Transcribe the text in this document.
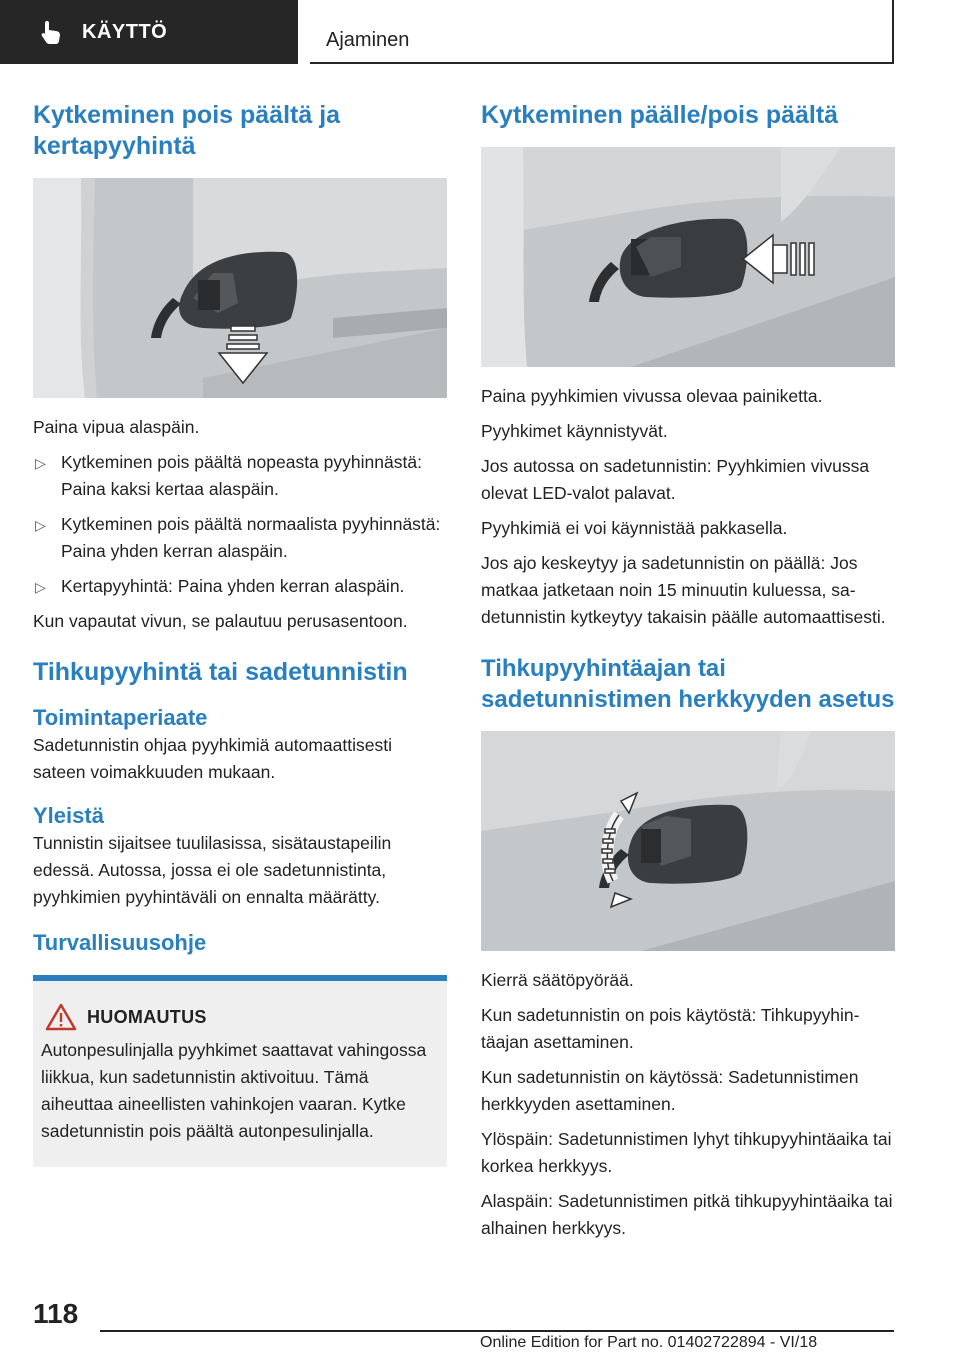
KÄYTTÖ	Ajaminen
Kytkeminen pois päältä ja kertapyyhintä

Paina vipua alaspäin.

▷ Kytkeminen pois päältä nopeasta pyyhinnästä: Paina kaksi kertaa alaspäin.
▷ Kytkeminen pois päältä normaalista pyyhinnästä: Paina yhden kerran alaspäin.
▷ Kertapyyhintä: Paina yhden kerran alaspäin.

Kun vapautat vivun, se palautuu perusasentoon.

Tihkupyyhintä tai sadetunnistin
Toimintaperiaate

Sadetunnistin ohjaa pyyhkimiä automaattisesti sateen voimakkuuden mukaan.

Yleistä

Tunnistin sijaitsee tuulilasissa, sisätaustapeilin edessä. Autossa, jossa ei ole sadetunnistinta, pyyhkimien pyyhintäväli on ennalta määrätty.

Turvallisuusohje
HUOMAUTUS

Autonpesulinjalla pyyhkimet saattavat vahingossa liikkua, kun sadetunnistin aktivoituu. Tämä aiheuttaa aineellisten vahinkojen vaaran. Kytke sadetunnistin pois päältä autonpesulinjalla.

Kytkeminen päälle/pois päältä

Paina pyyhkimien vivussa olevaa painiketta.

Pyyhkimet käynnistyvät.

Jos autossa on sadetunnistin: Pyyhkimien vivussa olevat LED-valot palavat.

Pyyhkimiä ei voi käynnistää pakkasella.

Jos ajo keskeytyy ja sadetunnistin on päällä: Jos matkaa jatketaan noin 15 minuutin kuluessa, sadetunnistin kytkeytyy takaisin päälle automaattisesti.

Tihkupyyhintäajan tai sadetunnistimen herkkyyden asetus

Kierrä säätöpyörää.

Kun sadetunnistin on pois käytöstä: Tihkupyyhintäajan asettaminen.

Kun sadetunnistin on käytössä: Sadetunnistimen herkkyyden asettaminen.

Ylöspäin: Sadetunnistimen lyhyt tihkupyyhintäaika tai korkea herkkyys.

Alaspäin: Sadetunnistimen pitkä tihkupyyhintäaika tai alhainen herkkyys.

118
Online Edition for Part no. 01402722894 - VI/18
